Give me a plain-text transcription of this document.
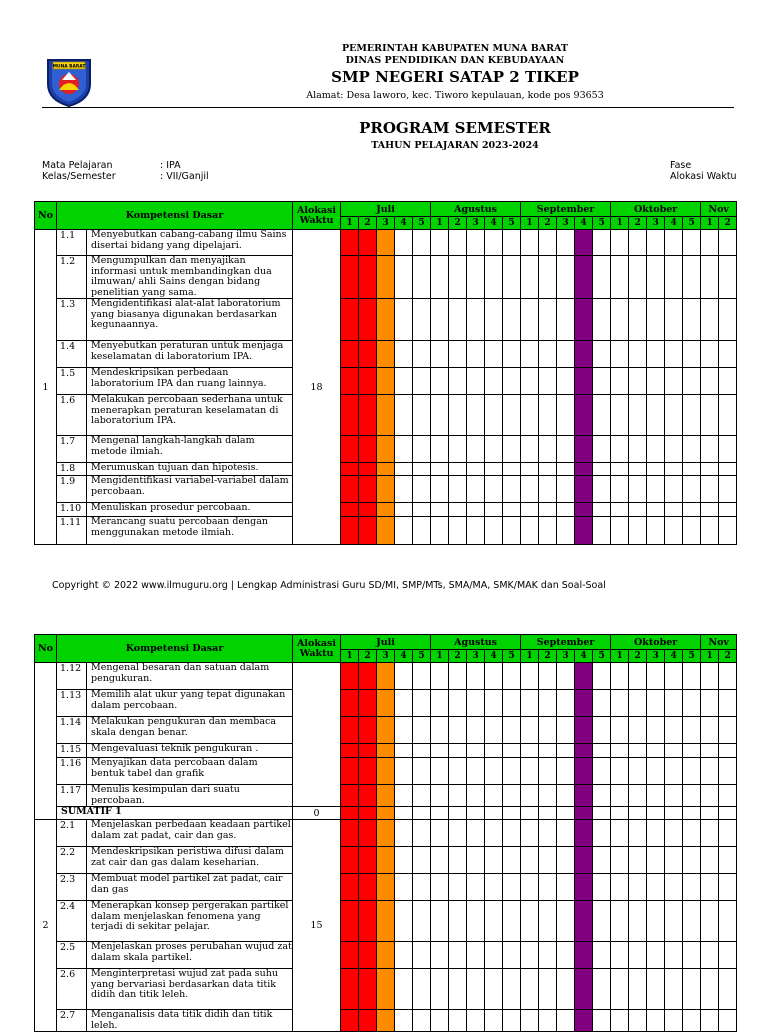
MUNA BARAT
PEMERINTAH KABUPATEN MUNA BARAT
DINAS PENDIDIKAN DAN KEBUDAYAAN
SMP NEGERI SATAP 2 TIKEP
Alamat: Desa laworo, kec. Tiworo kepulauan, kode pos 93653
PROGRAM SEMESTER
TAHUN PELAJARAN 2023-2024
Mata Pelajaran	: IPA
Kelas/Semester	: VII/Ganjil
Fase
Alokasi Waktu
No	Kompetensi Dasar		Alokasi Waktu	Juli					Agustus					September					Oktober					Nov	
				1	2	3	4	5	1	2	3	4	5	1	2	3	4	5	1	2	3	4	5	1	2
1	1.1	Menyebutkan cabang-cabang ilmu Sains disertai bidang yang dipelajari.	18																						
	1.2	Mengumpulkan dan menyajikan informasi untuk membandingkan dua ilmuwan/ ahli Sains dengan bidang penelitian yang sama.																							
	1.3	Mengidentifikasi alat-alat laboratorium yang biasanya digunakan berdasarkan kegunaannya.																							
	1.4	Menyebutkan peraturan untuk menjaga keselamatan di laboratorium IPA.																							
	1.5	Mendeskripsikan perbedaan laboratorium IPA dan ruang lainnya.																							
	1.6	Melakukan percobaan sederhana untuk menerapkan peraturan keselamatan di laboratorium IPA.																							
	1.7	Mengenal langkah-langkah dalam metode ilmiah.																							
	1.8	Merumuskan tujuan dan hipotesis.																							
	1.9	Mengidentifikasi variabel-variabel dalam percobaan.																							
	1.10	Menuliskan prosedur percobaan.																							
	1.11	Merancang suatu percobaan dengan menggunakan metode ilmiah.																							
Copyright © 2022 www.ilmuguru.org | Lengkap Administrasi Guru SD/MI, SMP/MTs, SMA/MA, SMK/MAK dan Soal-Soal
No	Kompetensi Dasar		Alokasi Waktu	Juli					Agustus					September					Oktober					Nov	
				1	2	3	4	5	1	2	3	4	5	1	2	3	4	5	1	2	3	4	5	1	2
	1.12	Mengenal besaran dan satuan dalam pengukuran.																							
	1.13	Memilih alat ukur yang tepat digunakan dalam percobaan.																							
	1.14	Melakukan pengukuran dan membaca skala dengan benar.																							
	1.15	Mengevaluasi teknik pengukuran .																							
	1.16	Menyajikan data percobaan dalam bentuk tabel dan grafik																							
	1.17	Menulis kesimpulan dari suatu percobaan.																							
	SUMATIF 1		0																						
2	2.1	Menjelaskan perbedaan keadaan partikel dalam zat padat, cair dan gas.	15																						
	2.2	Mendeskripsikan peristiwa difusi dalam zat cair dan gas dalam keseharian.																							
	2.3	Membuat model partikel zat padat, cair dan gas																							
	2.4	Menerapkan konsep pergerakan partikel dalam menjelaskan fenomena yang terjadi di sekitar pelajar.																							
	2.5	Menjelaskan proses perubahan wujud zat dalam skala partikel.																							
	2.6	Menginterpretasi wujud zat pada suhu yang bervariasi berdasarkan data titik didih dan titik leleh.																							
	2.7	Menganalisis data titik didih dan titik leleh.																							
